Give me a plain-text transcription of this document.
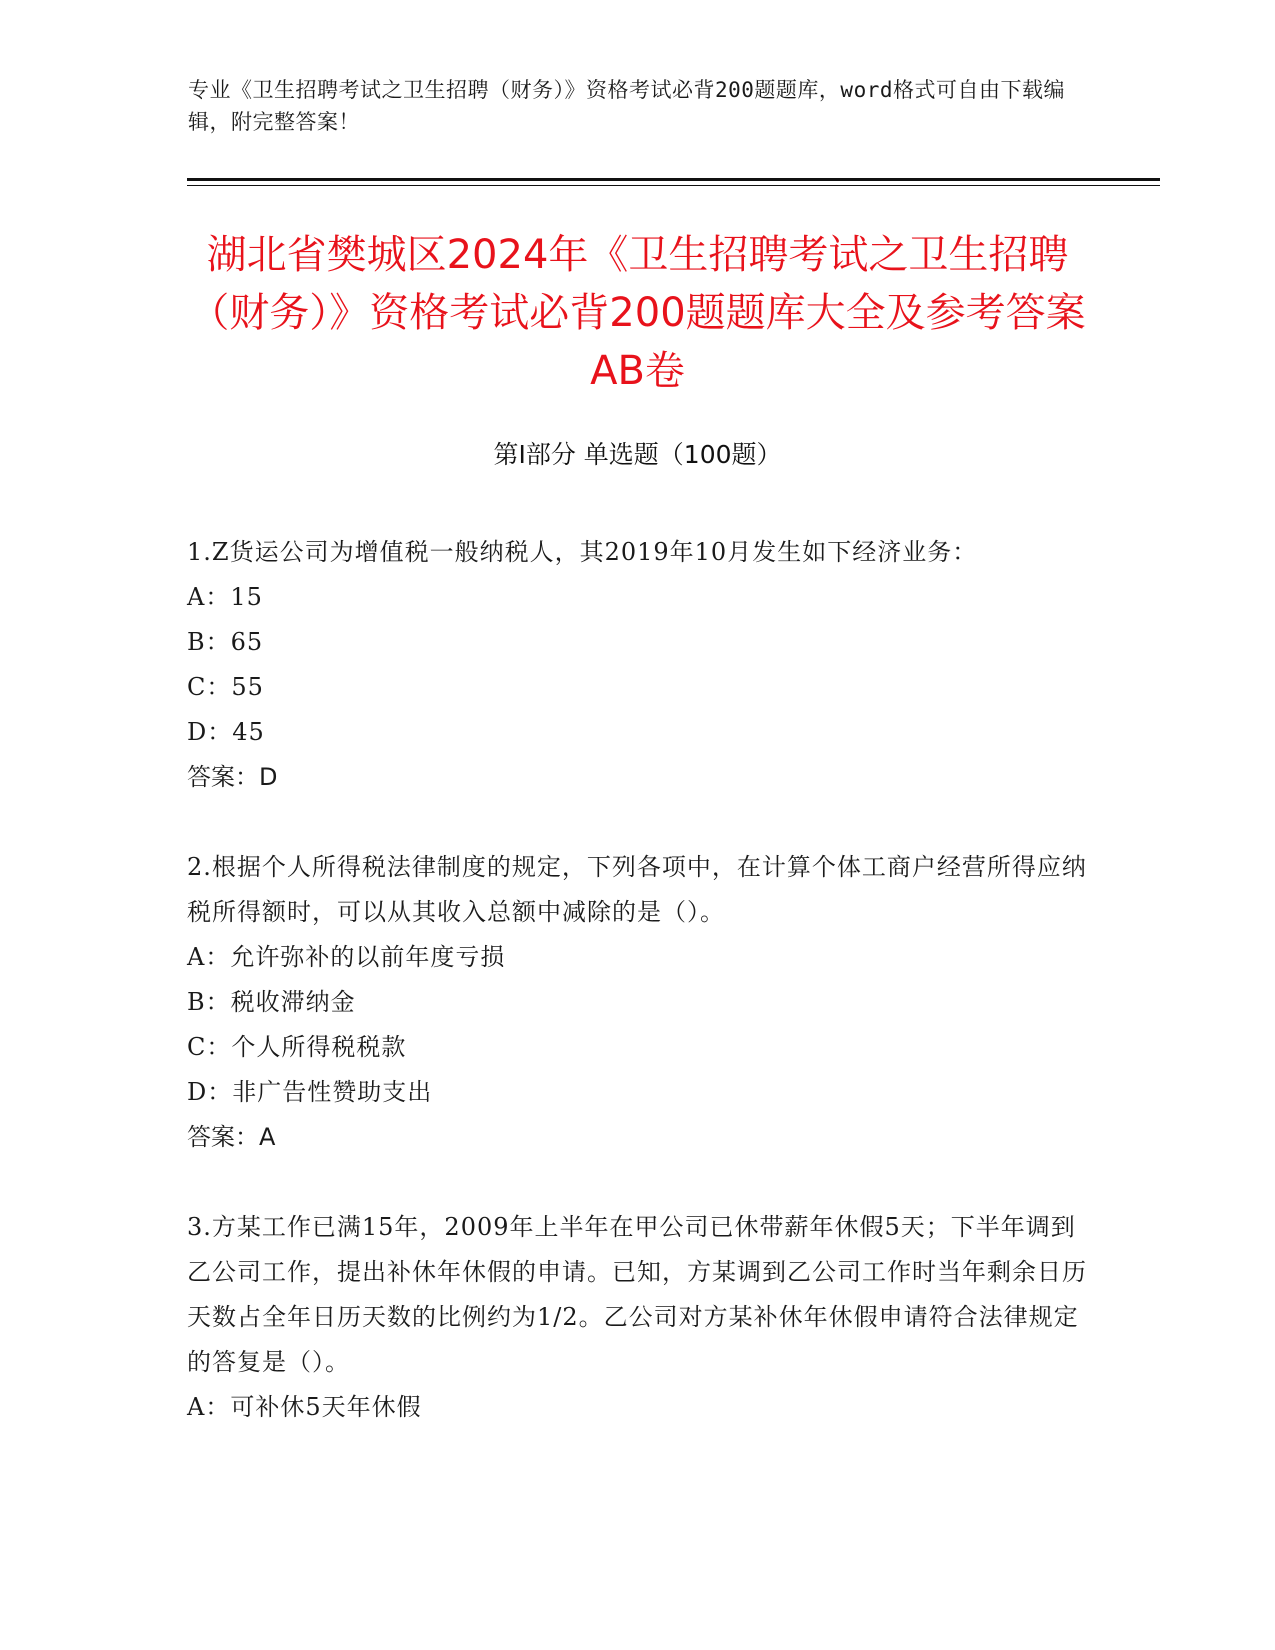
专业《卫生招聘考试之卫生招聘（财务）》资格考试必背200题题库，word格式可自由下载编辑，附完整答案！
湖北省樊城区2024年《卫生招聘考试之卫生招聘（财务）》资格考试必背200题题库大全及参考答案AB卷
第I部分 单选题（100题）
1.Z货运公司为增值税一般纳税人，其2019年10月发生如下经济业务：
A：15
B：65
C：55
D：45
答案：D
2.根据个人所得税法律制度的规定，下列各项中，在计算个体工商户经营所得应纳税所得额时，可以从其收入总额中减除的是（）。
A：允许弥补的以前年度亏损
B：税收滞纳金
C：个人所得税税款
D：非广告性赞助支出
答案：A
3.方某工作已满15年，2009年上半年在甲公司已休带薪年休假5天；下半年调到乙公司工作，提出补休年休假的申请。已知，方某调到乙公司工作时当年剩余日历天数占全年日历天数的比例约为1/2。乙公司对方某补休年休假申请符合法律规定的答复是（）。
A：可补休5天年休假
